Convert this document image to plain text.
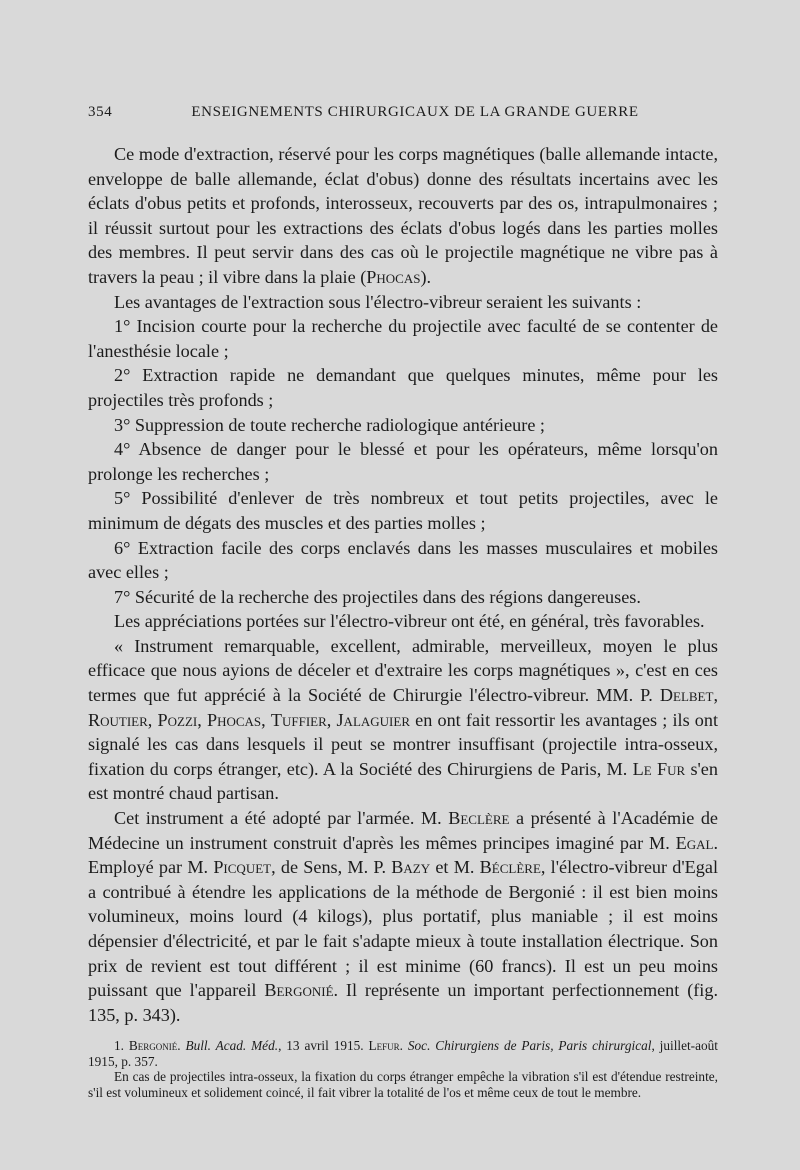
354	ENSEIGNEMENTS CHIRURGICAUX DE LA GRANDE GUERRE

Ce mode d'extraction, réservé pour les corps magnétiques (balle allemande intacte, enveloppe de balle allemande, éclat d'obus) donne des résultats incertains avec les éclats d'obus petits et profonds, interosseux, recouverts par des os, intrapulmonaires ; il réussit surtout pour les extractions des éclats d'obus logés dans les parties molles des membres. Il peut servir dans des cas où le projectile magnétique ne vibre pas à travers la peau ; il vibre dans la plaie (Phocas).

Les avantages de l'extraction sous l'électro-vibreur seraient les suivants :

1° Incision courte pour la recherche du projectile avec faculté de se contenter de l'anesthésie locale ;

2° Extraction rapide ne demandant que quelques minutes, même pour les projectiles très profonds ;

3° Suppression de toute recherche radiologique antérieure ;

4° Absence de danger pour le blessé et pour les opérateurs, même lorsqu'on prolonge les recherches ;

5° Possibilité d'enlever de très nombreux et tout petits projectiles, avec le minimum de dégats des muscles et des parties molles ;

6° Extraction facile des corps enclavés dans les masses musculaires et mobiles avec elles ;

7° Sécurité de la recherche des projectiles dans des régions dangereuses.

Les appréciations portées sur l'électro-vibreur ont été, en général, très favorables.

« Instrument remarquable, excellent, admirable, merveilleux, moyen le plus efficace que nous ayions de déceler et d'extraire les corps magnétiques », c'est en ces termes que fut apprécié à la Société de Chirurgie l'électro-vibreur. MM. P. Delbet, Routier, Pozzi, Phocas, Tuffier, Jalaguier en ont fait ressortir les avantages ; ils ont signalé les cas dans lesquels il peut se montrer insuffisant (projectile intra-osseux, fixation du corps étranger, etc). A la Société des Chirurgiens de Paris, M. Le Fur s'en est montré chaud partisan.

Cet instrument a été adopté par l'armée. M. Beclère a présenté à l'Académie de Médecine un instrument construit d'après les mêmes principes imaginé par M. Egal. Employé par M. Picquet, de Sens, M. P. Bazy et M. Béclère, l'électro-vibreur d'Egal a contribué à étendre les applications de la méthode de Bergonié : il est bien moins volumineux, moins lourd (4 kilogs), plus portatif, plus maniable ; il est moins dépensier d'électricité, et par le fait s'adapte mieux à toute installation électrique. Son prix de revient est tout différent ; il est minime (60 francs). Il est un peu moins puissant que l'appareil Bergonié. Il représente un important perfectionnement (fig. 135, p. 343).

1. Bergonié. Bull. Acad. Méd., 13 avril 1915. Lefur. Soc. Chirurgiens de Paris, Paris chirurgical, juillet-août 1915, p. 357.

En cas de projectiles intra-osseux, la fixation du corps étranger empêche la vibration s'il est d'étendue restreinte, s'il est volumineux et solidement coincé, il fait vibrer la totalité de l'os et même ceux de tout le membre.
